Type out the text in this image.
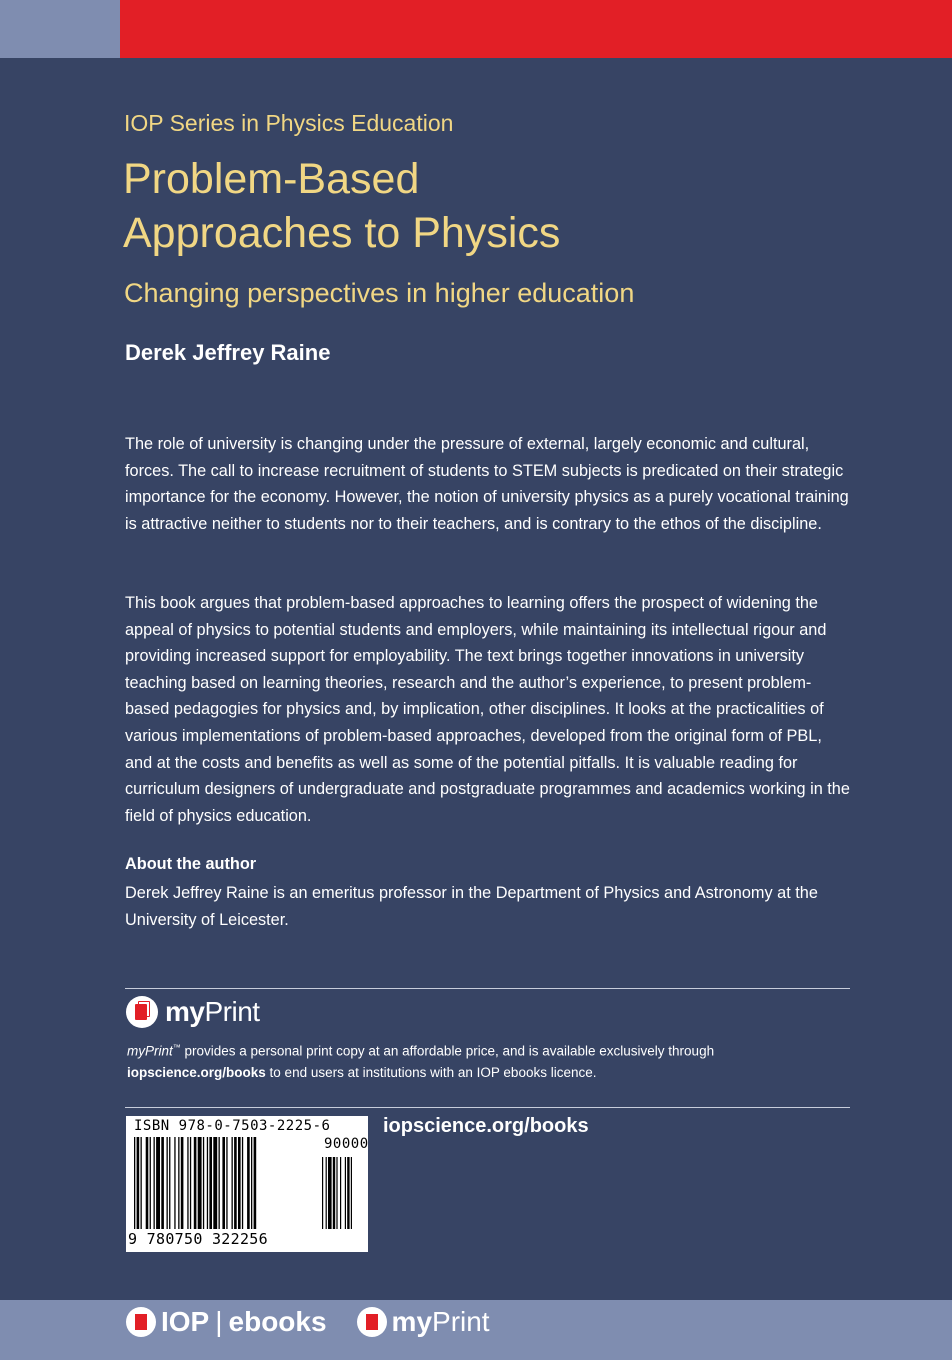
IOP Series in Physics Education
Problem-Based
Approaches to Physics
Changing perspectives in higher education
Derek Jeffrey Raine

The role of university is changing under the pressure of external, largely economic and cultural, forces. The call to increase recruitment of students to STEM subjects is predicated on their strategic importance for the economy. However, the notion of university physics as a purely vocational training is attractive neither to students nor to their teachers, and is contrary to the ethos of the discipline.

This book argues that problem-based approaches to learning offers the prospect of widening the appeal of physics to potential students and employers, while maintaining its intellectual rigour and providing increased support for employability. The text brings together innovations in university teaching based on learning theories, research and the author’s experience, to present problem-based pedagogies for physics and, by implication, other disciplines. It looks at the practicalities of various implementations of problem-based approaches, developed from the original form of PBL, and at the costs and benefits as well as some of the potential pitfalls. It is valuable reading for curriculum designers of undergraduate and postgraduate programmes and academics working in the field of physics education.

About the author

Derek Jeffrey Raine is an emeritus professor in the Department of Physics and Astronomy at the University of Leicester.

myPrint

myPrint™ provides a personal print copy at an affordable price, and is available exclusively through
iopscience.org/books to end users at institutions with an IOP ebooks licence.

ISBN 978-0-7503-2225-6
90000
9 780750 322256
iopscience.org/books
IOP | ebooks my Print
